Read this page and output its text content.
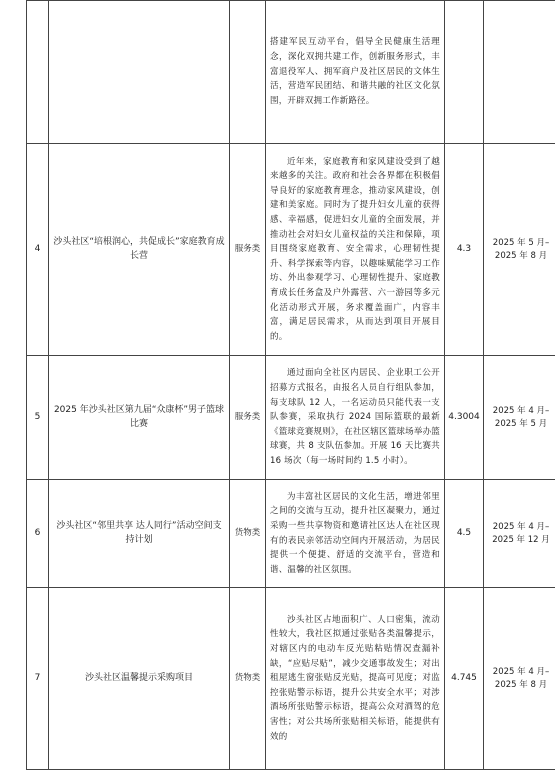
			搭建军民互动平台，倡导全民健康生活理念，深化双拥共建工作，创新服务形式，丰富退役军人、拥军商户及社区居民的文体生活，营造军民团结、和谐共融的社区文化氛围，开辟双拥工作新路径。		

4	沙头社区“培根润心，共促成长”家庭教育成长营	服务类	近年来，家庭教育和家风建设受到了越来越多的关注。政府和社会各界都在积极倡导良好的家庭教育理念，推动家风建设，创建和美家庭。同时为了提升妇女儿童的获得感、幸福感，促进妇女儿童的全面发展，并推动社会对妇女儿童权益的关注和保障，项目围绕家庭教育、安全需求，心理韧性提升、科学探索等内容，以趣味赋能学习工作坊、外出参观学习、心理韧性提升、家庭教育成长任务盒及户外露营、六一游园等多元化活动形式开展，务求覆盖面广，内容丰富，满足居民需求，从而达到项目开展目的。	4.3	2025 年 5 月–2025 年 8 月
5	2025 年沙头社区第九届“众康杯”男子篮球比赛	服务类	通过面向全社区内居民、企业职工公开招募方式报名，由报名人员自行组队参加，每支球队 12 人，一名运动员只能代表一支队参赛，采取执行 2024 国际篮联的最新《篮球竞赛规则》，在社区辖区篮球场举办篮球赛，共 8 支队伍参加。开展 16 天比赛共 16 场次（每一场时间约 1.5 小时）。	4.3004	2025 年 4 月–2025 年 5 月
6	沙头社区“邻里共享 达人同行”活动空间支持计划	货物类	为丰富社区居民的文化生活，增进邻里之间的交流与互动，提升社区凝聚力，通过采购一些共享物资和邀请社区达人在社区现有的表民亲邻活动空间内开展活动，为居民提供一个便捷、舒适的交流平台，营造和谐、温馨的社区氛围。	4.5	2025 年 4 月–2025 年 12 月
7	沙头社区温馨提示采购项目	货物类	沙头社区占地面积广、人口密集，流动性较大，我社区拟通过张贴各类温馨提示，对辖区内的电动车反光贴粘贴情况查漏补缺，“应贴尽贴”，减少交通事故发生；对出租屋逃生窗张贴反光贴，提高可见度；对监控张贴警示标语，提升公共安全水平；对涉酒场所张贴警示标语，提高公众对酒驾的危害性；对公共场所张贴相关标语，能提供有效的	4.745	2025 年 4 月–2025 年 8 月
